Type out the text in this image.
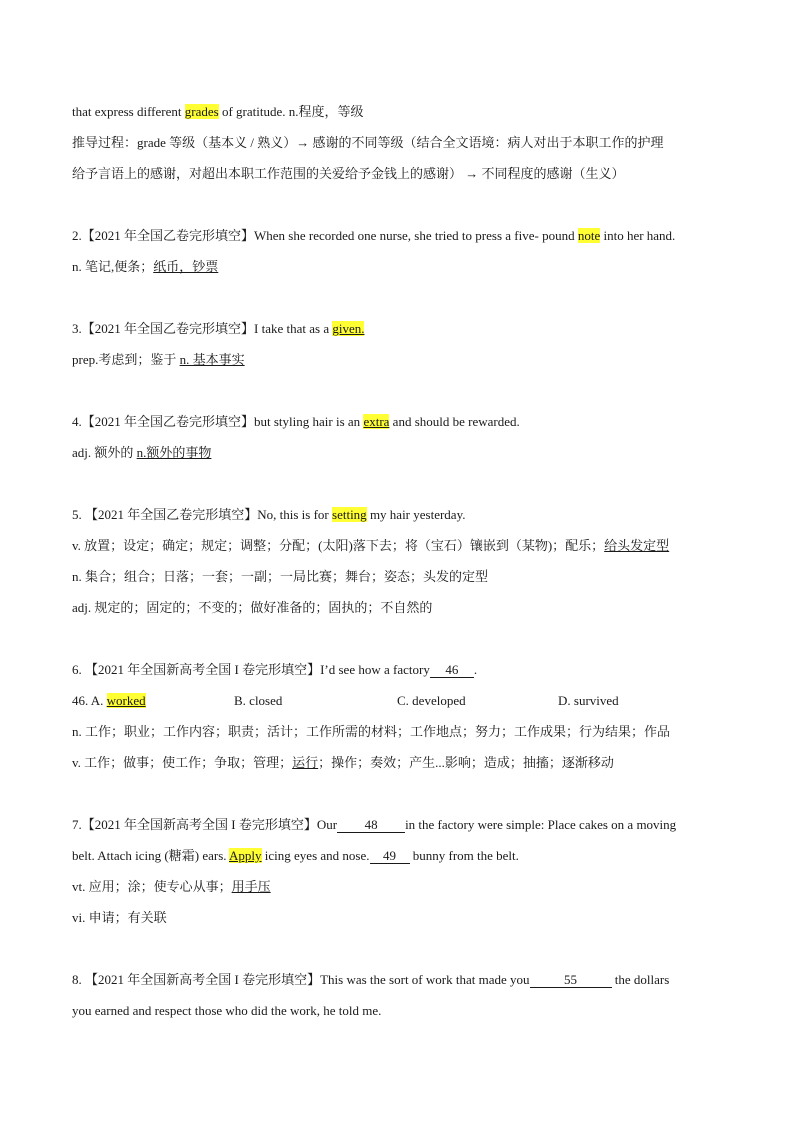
that express different grades of gratitude. n.程度，等级
推导过程：grade 等级（基本义 / 熟义）→ 感谢的不同等级（结合全文语境：病人对出于本职工作的护理
给予言语上的感谢，对超出本职工作范围的关爱给予金钱上的感谢） → 不同程度的感谢（生义）
2.【2021 年全国乙卷完形填空】When she recorded one nurse, she tried to press a five- pound note into her hand.
n. 笔记,便条；纸币，钞票
3.【2021 年全国乙卷完形填空】I take that as a given.
prep.考虑到；鉴于 n. 基本事实
4.【2021 年全国乙卷完形填空】but styling hair is an extra and should be rewarded.
adj. 额外的 n.额外的事物
5. 【2021 年全国乙卷完形填空】No, this is for setting my hair yesterday.
v. 放置；设定；确定；规定；调整；分配；(太阳)落下去；将（宝石）镶嵌到（某物)；配乐；给头发定型
n. 集合；组合；日落；一套；一副；一局比赛；舞台；姿态；头发的定型
adj. 规定的；固定的；不变的；做好准备的；固执的；不自然的
6. 【2021 年全国新高考全国 I 卷完形填空】I’d see how a factory 46 .
46. A. worked	B. closed	C. developed	D. survived
n. 工作；职业；工作内容；职责；活计；工作所需的材料；工作地点；努力；工作成果；行为结果；作品
v. 工作；做事；使工作；争取；管理；运行；操作；奏效；产生...影响；造成；抽搐；逐渐移动
7.【2021 年全国新高考全国 I 卷完形填空】Our 48 in the factory were simple: Place cakes on a moving
belt. Attach icing (糖霜) ears. Apply icing eyes and nose. 49 bunny from the belt.
vt. 应用；涂；使专心从事；用手压
vi. 申请；有关联
8. 【2021 年全国新高考全国 I 卷完形填空】This was the sort of work that made you	55	the dollars
you earned and respect those who did the work, he told me.
